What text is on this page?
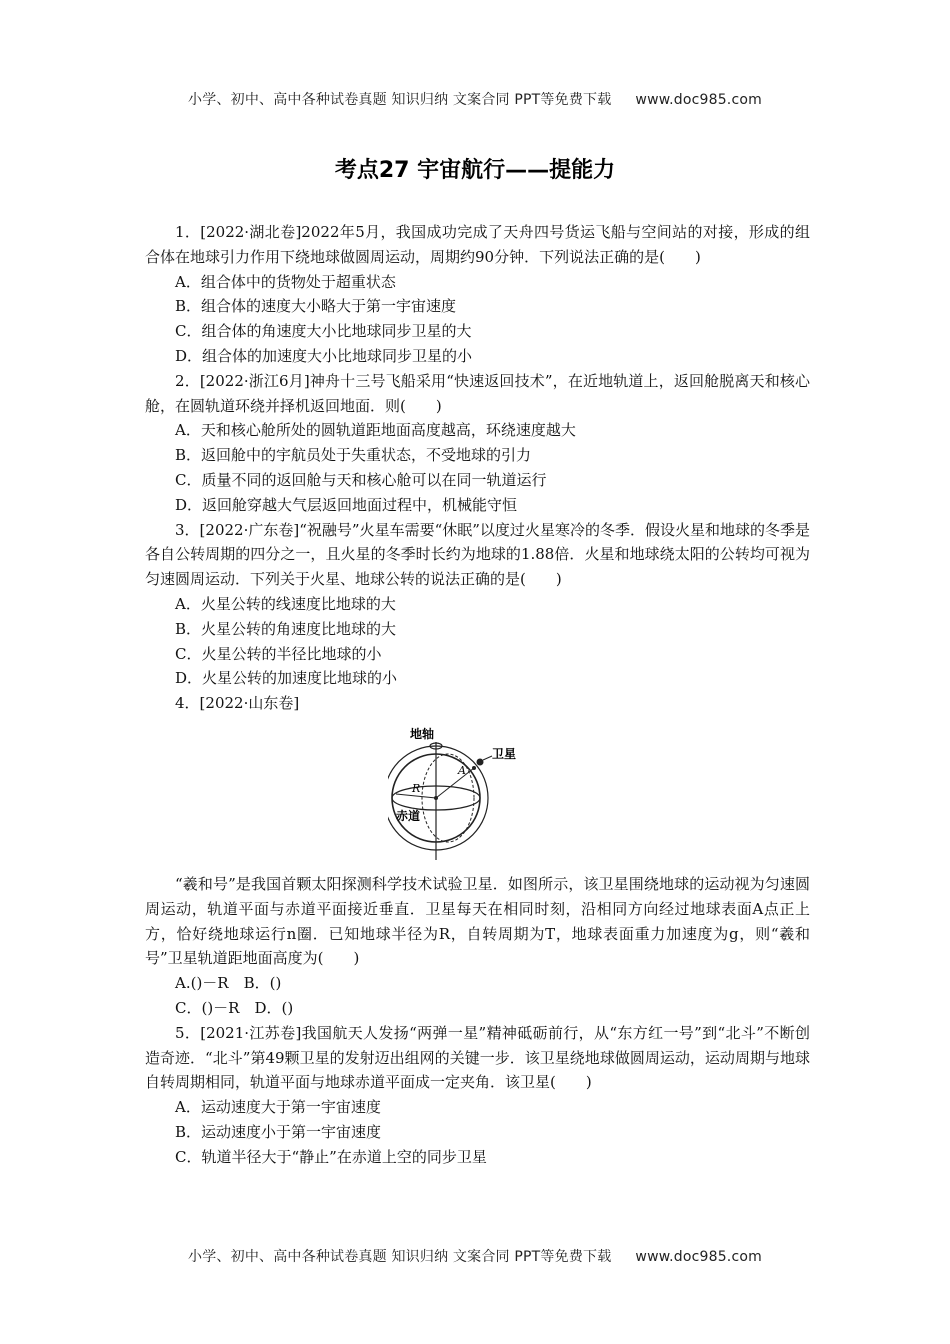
小学、初中、高中各种试卷真题 知识归纳 文案合同 PPT等免费下载 www.doc985.com
考点27 宇宙航行——提能力

1．[2022·湖北卷]2022年5月，我国成功完成了天舟四号货运飞船与空间站的对接，形成的组合体在地球引力作用下绕地球做圆周运动，周期约90分钟．下列说法正确的是(　　)

A．组合体中的货物处于超重状态

B．组合体的速度大小略大于第一宇宙速度

C．组合体的角速度大小比地球同步卫星的大

D．组合体的加速度大小比地球同步卫星的小

2．[2022·浙江6月]神舟十三号飞船采用“快速返回技术”，在近地轨道上，返回舱脱离天和核心舱，在圆轨道环绕并择机返回地面．则(　　)

A．天和核心舱所处的圆轨道距地面高度越高，环绕速度越大

B．返回舱中的宇航员处于失重状态，不受地球的引力

C．质量不同的返回舱与天和核心舱可以在同一轨道运行

D．返回舱穿越大气层返回地面过程中，机械能守恒

3．[2022·广东卷]“祝融号”火星车需要“休眠”以度过火星寒冷的冬季．假设火星和地球的冬季是各自公转周期的四分之一，且火星的冬季时长约为地球的1.88倍．火星和地球绕太阳的公转均可视为匀速圆周运动．下列关于火星、地球公转的说法正确的是(　　)

A．火星公转的线速度比地球的大

B．火星公转的角速度比地球的大

C．火星公转的半径比地球的小

D．火星公转的加速度比地球的小

4．[2022·山东卷]

地轴
R
A
卫星
赤道

“羲和号”是我国首颗太阳探测科学技术试验卫星．如图所示，该卫星围绕地球的运动视为匀速圆周运动，轨道平面与赤道平面接近垂直．卫星每天在相同时刻，沿相同方向经过地球表面A点正上方，恰好绕地球运行n圈．已知地球半径为R，自转周期为T，地球表面重力加速度为g，则“羲和号”卫星轨道距地面高度为(　　)

A.()－R　B．()

C．()－R　D．()

5．[2021·江苏卷]我国航天人发扬“两弹一星”精神砥砺前行，从“东方红一号”到“北斗”不断创造奇迹．“北斗”第49颗卫星的发射迈出组网的关键一步．该卫星绕地球做圆周运动，运动周期与地球自转周期相同，轨道平面与地球赤道平面成一定夹角．该卫星(　　)

A．运动速度大于第一宇宙速度

B．运动速度小于第一宇宙速度

C．轨道半径大于“静止”在赤道上空的同步卫星

小学、初中、高中各种试卷真题 知识归纳 文案合同 PPT等免费下载 www.doc985.com
